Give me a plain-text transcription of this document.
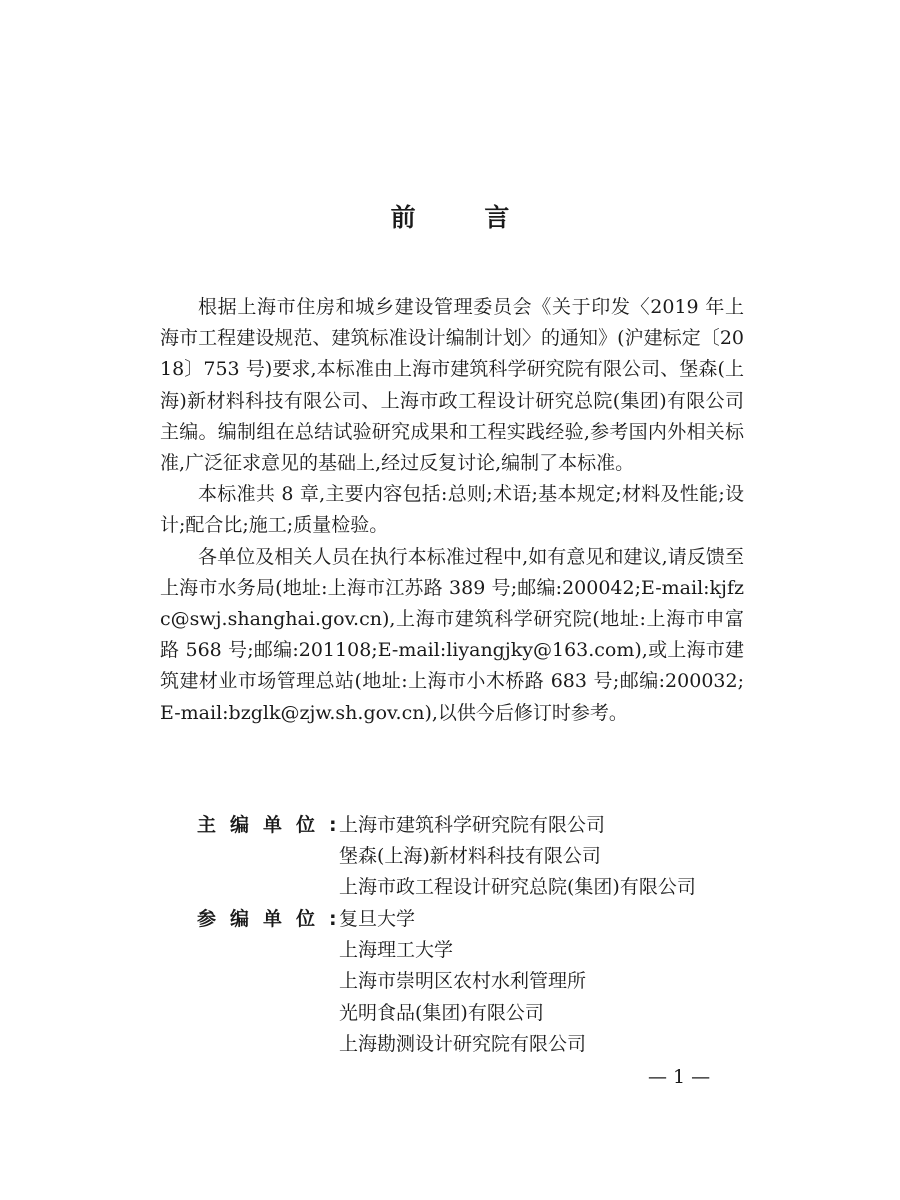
前 言

根据上海市住房和城乡建设管理委员会《关于印发〈2019 年上海市工程建设规范、建筑标准设计编制计划〉的通知》(沪建标定〔2018〕753 号)要求,本标准由上海市建筑科学研究院有限公司、堡森(上海)新材料科技有限公司、上海市政工程设计研究总院(集团)有限公司主编。编制组在总结试验研究成果和工程实践经验,参考国内外相关标准,广泛征求意见的基础上,经过反复讨论,编制了本标准。

本标准共 8 章,主要内容包括:总则;术语;基本规定;材料及性能;设计;配合比;施工;质量检验。

各单位及相关人员在执行本标准过程中,如有意见和建议,请反馈至上海市水务局(地址:上海市江苏路 389 号;邮编:200042;E-mail:kjfzc@swj.shanghai.gov.cn),上海市建筑科学研究院(地址:上海市申富路 568 号;邮编:201108;E-mail:liyangjky@163.com),或上海市建筑建材业市场管理总站(地址:上海市小木桥路 683 号;邮编:200032;E-mail:bzglk@zjw.sh.gov.cn),以供今后修订时参考。

主编单位: 上海市建筑科学研究院有限公司
堡森(上海)新材料科技有限公司
上海市政工程设计研究总院(集团)有限公司
参编单位: 复旦大学
上海理工大学
上海市崇明区农村水利管理所
光明食品(集团)有限公司
上海勘测设计研究院有限公司
— 1 —
